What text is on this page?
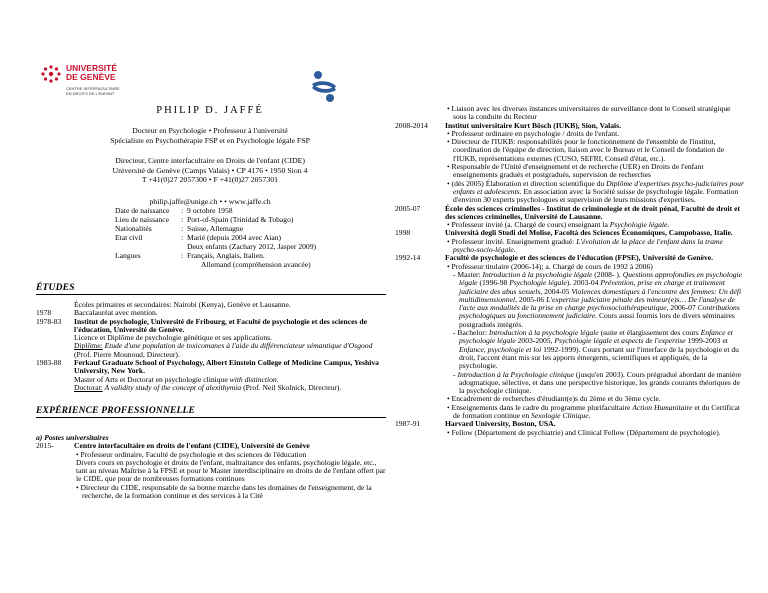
UNIVERSITÉ
DE GENÈVE
CENTRE INTERFACULTAIRE
EN DROITS DE L'ENFANT
PHILIP D. JAFFÉ
Docteur en Psychologie • Professeur à l'université
Spécialiste en Psychothérapie FSP et en Psychologie légale FSP
Directeur, Centre interfacultaire en Droits de l'enfant (CIDE)
Université de Genève (Camps Valais) • CP 4176 • 1950 Sion 4
T +41(0)27 2057300 • F +41(0)27 2057301
philip.jaffe@unige.ch • • www.jaffe.ch
Date de naissance	:	9 octobre 1958
Lieu de naissance	:	Port-of-Spain (Trinidad & Tobago)
Nationalités	:	Suisse, Allemagne
Etat civil	:	Marié (depuis 2004 avec Aian)
		Deux enfants (Zachary 2012, Jasper 2009)
Langues	:	Français, Anglais, Italien.
		Allemand (compréhension avancée)
ÉTUDES
Écoles primaires et secondaires: Nairobi (Kenya), Genève et Lausanne.
1978	Baccalauréat avec mention.
1978-83	Institut de psychologie, Université de Fribourg, et Faculté de psychologie et des sciences de l'éducation, Université de Genève.
Licence et Diplôme de psychologie génétique et ses applications.
Diplôme: Etude d'une population de toxicomanes à l'aide du différenciateur sémantique d'Osgood (Prof. Pierre Mounoud, Directeur).
1983-88	Ferkauf Graduate School of Psychology, Albert Einstein College of Medicine Campus, Yeshiva University, New York.
Master of Arts et Doctorat en psychologie clinique with distinction.
Doctorat: A validity study of the concept of alexithymia (Prof. Neil Skolnick, Directeur).
EXPÉRIENCE PROFESSIONNELLE
a) Postes universitaires
2015-	Centre interfacultaire en droits de l'enfant (CIDE), Université de Genève
• Professeur ordinaire, Faculté de psychologie et des sciences de l'éducation
Divers cours en psychologie et droits de l'enfant, maltraitance des enfants, psychologie légale, etc., tant au niveau Maîtrise à la FPSE et pour le Master interdisciplinaire en droits de de l'enfant offert par le CIDE, que pour de nombreuses formations continues
• Directeur du CIDE, responsable de sa bonne marche dans les domaines de l'enseignement, de la recherche, de la formation continue et des services à la Cité
• Liaison avec les diverses instances universitaires de surveillance dont le Conseil stratégique sous la conduite du Recteur
2008-2014	Institut universitaire Kurt Bösch (IUKB), Sion, Valais.
• Professeur ordinaire en psychologie / droits de l'enfant.
• Directeur de l'IUKB: responsabilités pour le fonctionnement de l'ensemble de l'institut, coordination de l'équipe de direction, liaison avec le Bureau et le Conseil de fondation de l'IUKB, représentations externes (CUSO, SEFRI, Conseil d'état, etc.).
• Responsable de l'Unité d'enseignement et de recherche (UER) en Droits de l'enfant enseignements gradués et postgradués, supervision de recherches
• (dès 2005) Élaboration et direction scientifique du Diplôme d'expertises psycho-judiciaires pour enfants et adolescents. En association avec la Société suisse de psychologie légale. Formation d'environ 30 experts psychologues et supervision de leurs missions d'expertises.
2005-07	École des sciences criminelles - Institut de criminologie et de droit pénal, Faculté de droit et des sciences criminelles, Université de Lausanne.
• Professeur invité (a. Chargé de cours) enseignant la Psychologie légale.
1998	Università degli Studi del Molise, Facoltà des Sciences Économiques, Campobasso, Italie.
• Professeur invité. Enseignement gradué: L'évolution de la place de l'enfant dans la trame psycho-socio-légale.
1992-14	Faculté de psychologie et des sciences de l'éducation (FPSE), Université de Genève.
• Professeur titulaire (2006-14); a. Chargé de cours de 1992 à 2006)
- Master: Introduction à la psychologie légale (2008- ). Questions approfondies en psychologie légale (1996-98 Psychologie légale). 2003-04 Prévention, prise en charge et traitement judiciaire des abus sexuels, 2004-05 Violences domestiques à l'encontre des femmes: Un défi multidimensionnel, 2005-06 L'expertise judiciaire pénale des mineur(e)s… De l'analyse de l'acte aux modalités de la prise en charge psychosociothérapeutique, 2006-07 Contributions psychologiques au fonctionnement judiciaire. Cours aussi fournis lors de divers séminaires postgradués intégrés.
- Bachelor: Introduction à la psychologie légale (suite et élargissement des cours Enfance et psychologie légale 2003-2005, Psychologie légale et aspects de l'expertise 1999-2003 et Enfance, psychologie et loi 1992-1999). Cours portant sur l'interface de la psychologie et du droit, l'accent étant mis sur les apports émergents, scientifiques et appliqués, de la psychologie.
- Introduction à la Psychologie clinique (jusqu'en 2003). Cours prégradué abordant de manière adogmatique, sélective, et dans une perspective historique, les grands courants théoriques de la psychologie clinique.
• Encadrement de recherches d'étudiant(e)s du 2ème et du 3ème cycle.
• Enseignements dans le cadre du programme plurifacultaire Action Humanitaire et du Certificat de formation continue en Sexologie Clinique.
1987-91	Harvard University, Boston, USA.
• Fellow (Département de psychiatrie) and Clinical Fellow (Département de psychologie).
